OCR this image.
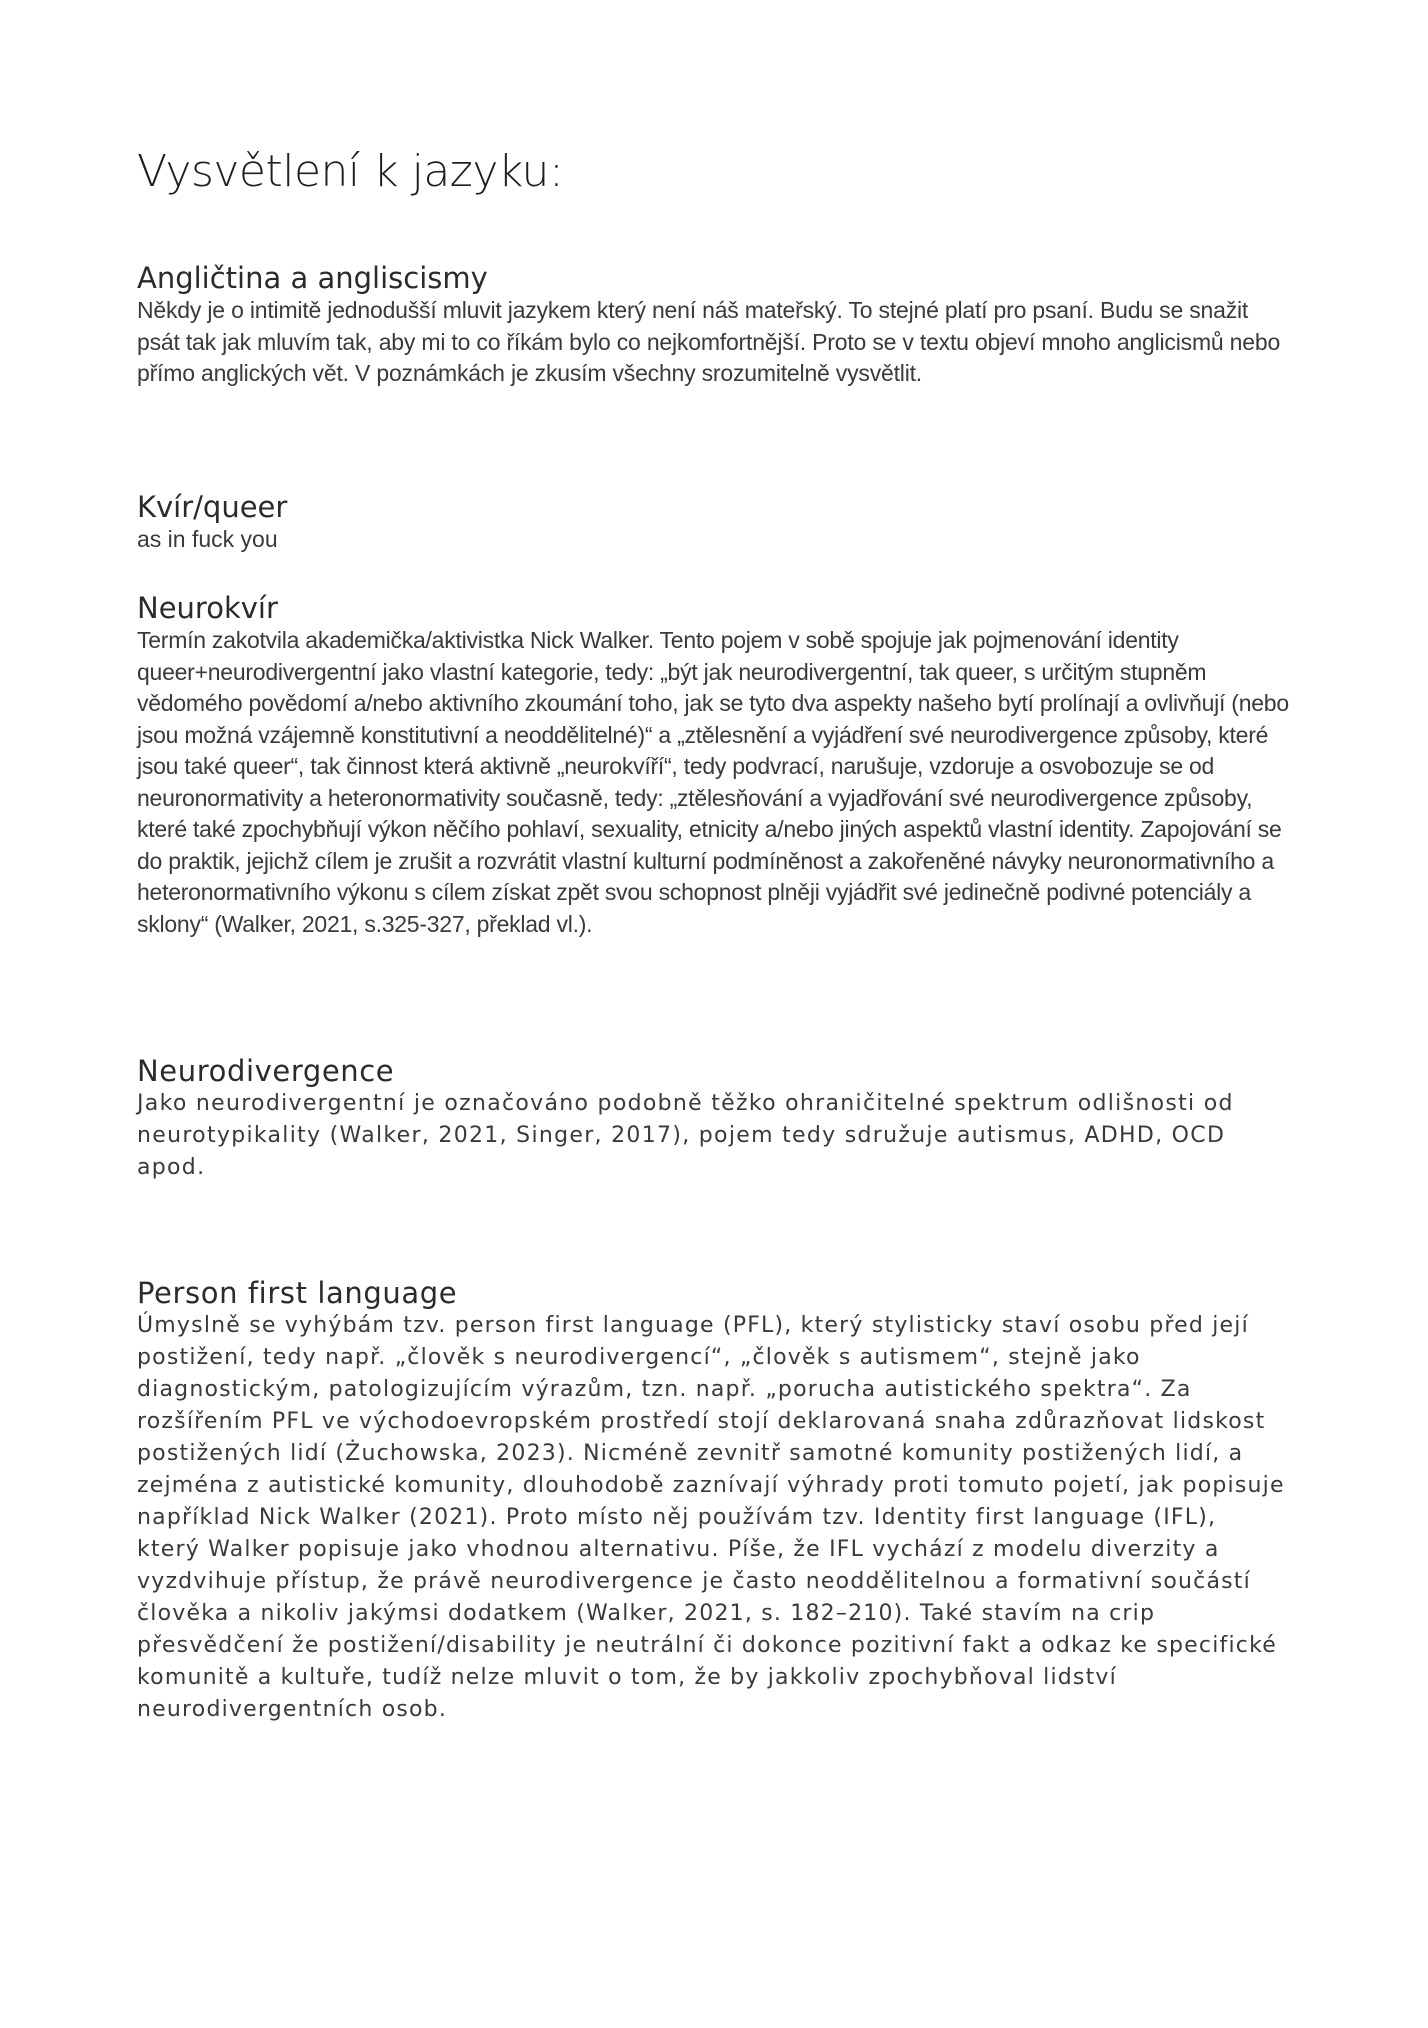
Vysvětlení k jazyku:
Angličtina a angliscismy

Někdy je o intimitě jednodušší mluvit jazykem který není náš mateřský. To stejné platí pro psaní. Budu se snažit psát tak jak mluvím tak, aby mi to co říkám bylo co nejkomfortnější. Proto se v textu objeví mnoho anglicismů nebo přímo anglických vět. V poznámkách je zkusím všechny srozumitelně vysvětlit.

Kvír/queer

as in fuck you

Neurokvír

Termín zakotvila akademička/aktivistka Nick Walker. Tento pojem v sobě spojuje jak pojmenování identity queer+neurodivergentní jako vlastní kategorie, tedy: „být jak neurodivergentní, tak queer, s určitým stupněm vědomého povědomí a/nebo aktivního zkoumání toho, jak se tyto dva aspekty našeho bytí prolínají a ovlivňují (nebo jsou možná vzájemně konstitutivní a neoddělitelné)“ a „ztělesnění a vyjádření své neurodivergence způsoby, které jsou také queer“, tak činnost která aktivně „neurokvíří“, tedy podvrací, narušuje, vzdoruje a osvobozuje se od neuronormativity a heteronormativity současně, tedy: „ztělesňování a vyjadřování své neurodivergence způsoby, které také zpochybňují výkon něčího pohlaví, sexuality, etnicity a/nebo jiných aspektů vlastní identity. Zapojování se do praktik, jejichž cílem je zrušit a rozvrátit vlastní kulturní podmíněnost a zakořeněné návyky neuronormativního a heteronormativního výkonu s cílem získat zpět svou schopnost plněji vyjádřit své jedinečně podivné potenciály a sklony“ (Walker, 2021, s.325-327, překlad vl.).

Neurodivergence

Jako neurodivergentní je označováno podobně těžko ohraničitelné spektrum odlišnosti od neurotypikality (Walker, 2021, Singer, 2017), pojem tedy sdružuje autismus, ADHD, OCD apod.

Person first language

Úmyslně se vyhýbám tzv. person first language (PFL), který stylisticky staví osobu před její postižení, tedy např. „člověk s neurodivergencí“, „člověk s autismem“, stejně jako diagnostickým, patologizujícím výrazům, tzn. např. „porucha autistického spektra“. Za rozšířením PFL ve východoevropském prostředí stojí deklarovaná snaha zdůrazňovat lidskost postižených lidí (Żuchowska, 2023). Nicméně zevnitř samotné komunity postižených lidí, a zejména z autistické komunity, dlouhodobě zaznívají výhrady proti tomuto pojetí, jak popisuje například Nick Walker (2021). Proto místo něj používám tzv. Identity first language (IFL), který Walker popisuje jako vhodnou alternativu. Píše, že IFL vychází z modelu diverzity a vyzdvihuje přístup, že právě neurodivergence je často neoddělitelnou a formativní součástí člověka a nikoliv jakýmsi dodatkem (Walker, 2021, s. 182–210). Také stavím na crip přesvědčení že postižení/disability je neutrální či dokonce pozitivní fakt a odkaz ke specifické komunitě a kultuře, tudíž nelze mluvit o tom, že by jakkoliv zpochybňoval lidství neurodivergentních osob.
